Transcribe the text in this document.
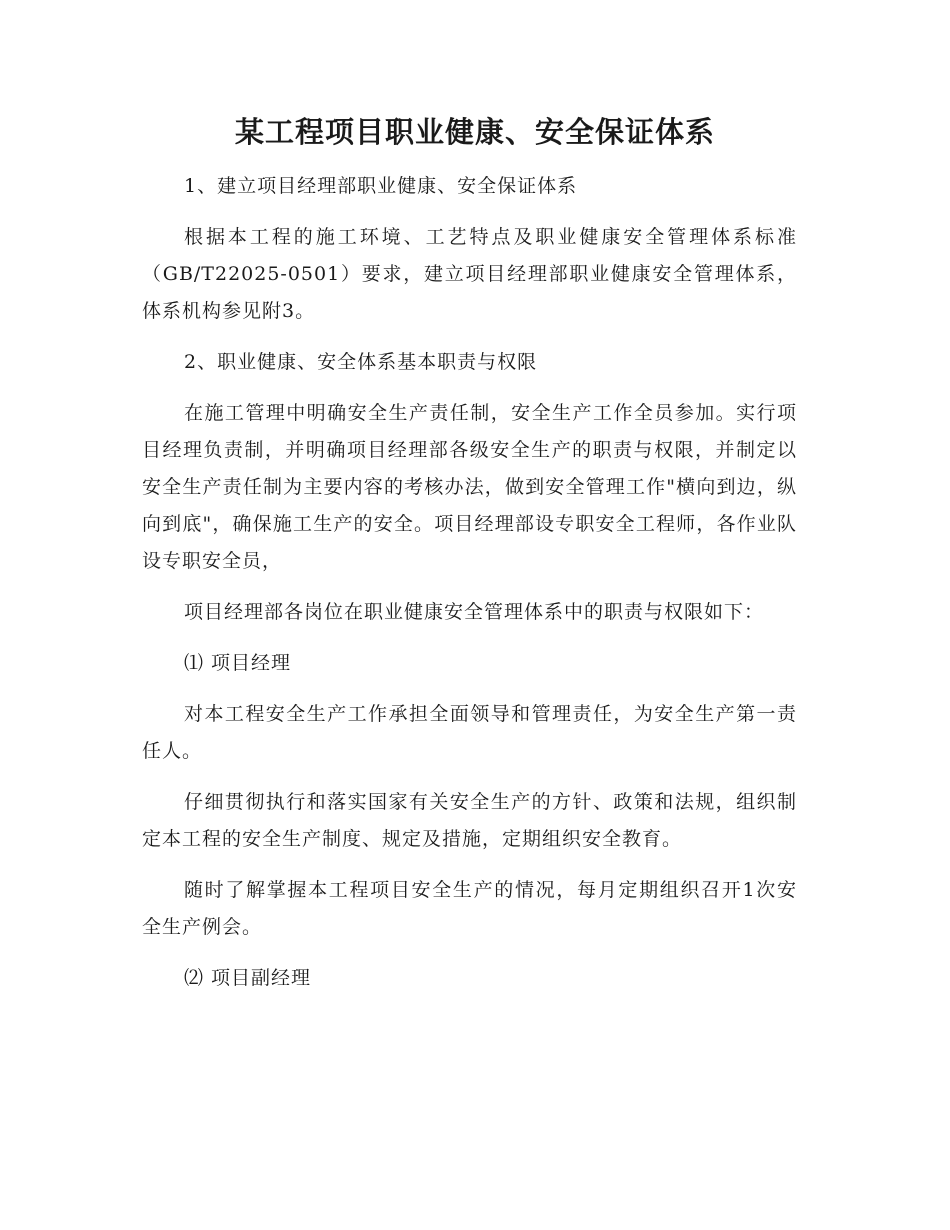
某工程项目职业健康、安全保证体系

1、建立项目经理部职业健康、安全保证体系

根据本工程的施工环境、工艺特点及职业健康安全管理体系标准（GB/T22025-0501）要求，建立项目经理部职业健康安全管理体系，体系机构参见附3。

2、职业健康、安全体系基本职责与权限

在施工管理中明确安全生产责任制，安全生产工作全员参加。实行项目经理负责制，并明确项目经理部各级安全生产的职责与权限，并制定以安全生产责任制为主要内容的考核办法，做到安全管理工作"横向到边，纵向到底"，确保施工生产的安全。项目经理部设专职安全工程师，各作业队设专职安全员，

项目经理部各岗位在职业健康安全管理体系中的职责与权限如下：

⑴ 项目经理

对本工程安全生产工作承担全面领导和管理责任，为安全生产第一责任人。

仔细贯彻执行和落实国家有关安全生产的方针、政策和法规，组织制定本工程的安全生产制度、规定及措施，定期组织安全教育。

随时了解掌握本工程项目安全生产的情况，每月定期组织召开1次安全生产例会。

⑵ 项目副经理
